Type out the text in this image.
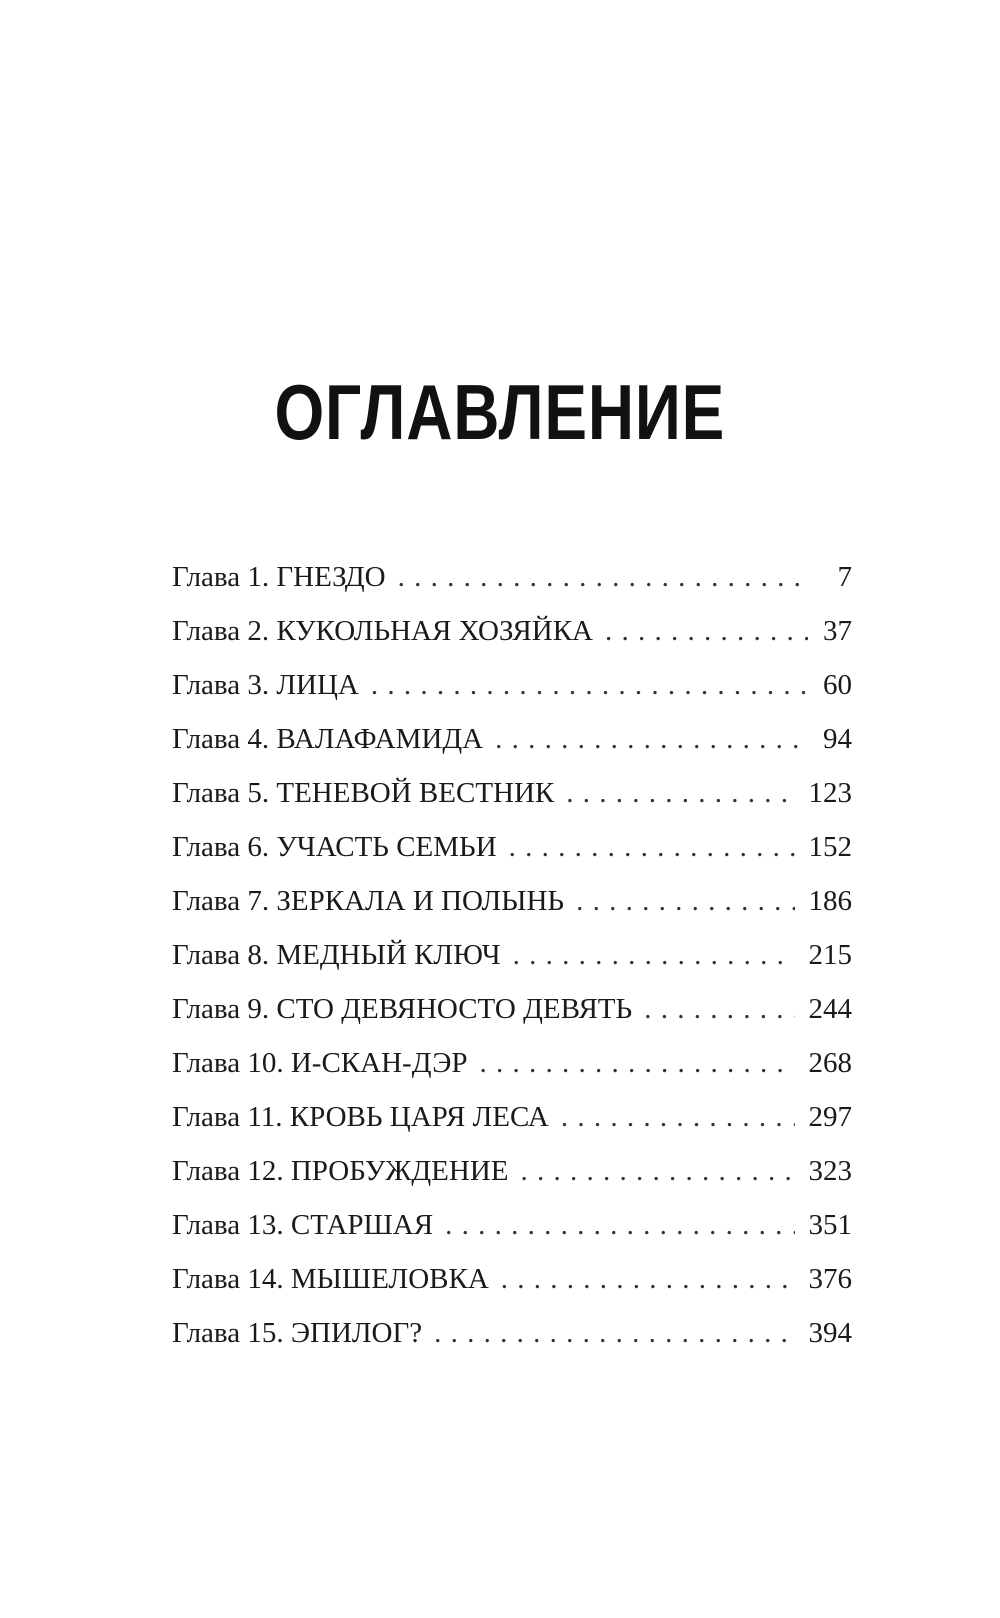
ОГЛАВЛЕНИЕ
Глава 1. ГНЕЗДО . . .	7
Глава 2. КУКОЛЬНАЯ ХОЗЯЙКА . . .	37
Глава 3. ЛИЦА . . .	60
Глава 4. ВАЛАФАМИДА . . .	94
Глава 5. ТЕНЕВОЙ ВЕСТНИК . . .	123
Глава 6. УЧАСТЬ СЕМЬИ . . .	152
Глава 7. ЗЕРКАЛА И ПОЛЫНЬ . . .	186
Глава 8. МЕДНЫЙ КЛЮЧ . . .	215
Глава 9. СТО ДЕВЯНОСТО ДЕВЯТЬ . . .	244
Глава 10. И-СКАН-ДЭР . . .	268
Глава 11. КРОВЬ ЦАРЯ ЛЕСА . . .	297
Глава 12. ПРОБУЖДЕНИЕ . . .	323
Глава 13. СТАРШАЯ . . .	351
Глава 14. МЫШЕЛОВКА . . .	376
Глава 15. ЭПИЛОГ? . . .	394
